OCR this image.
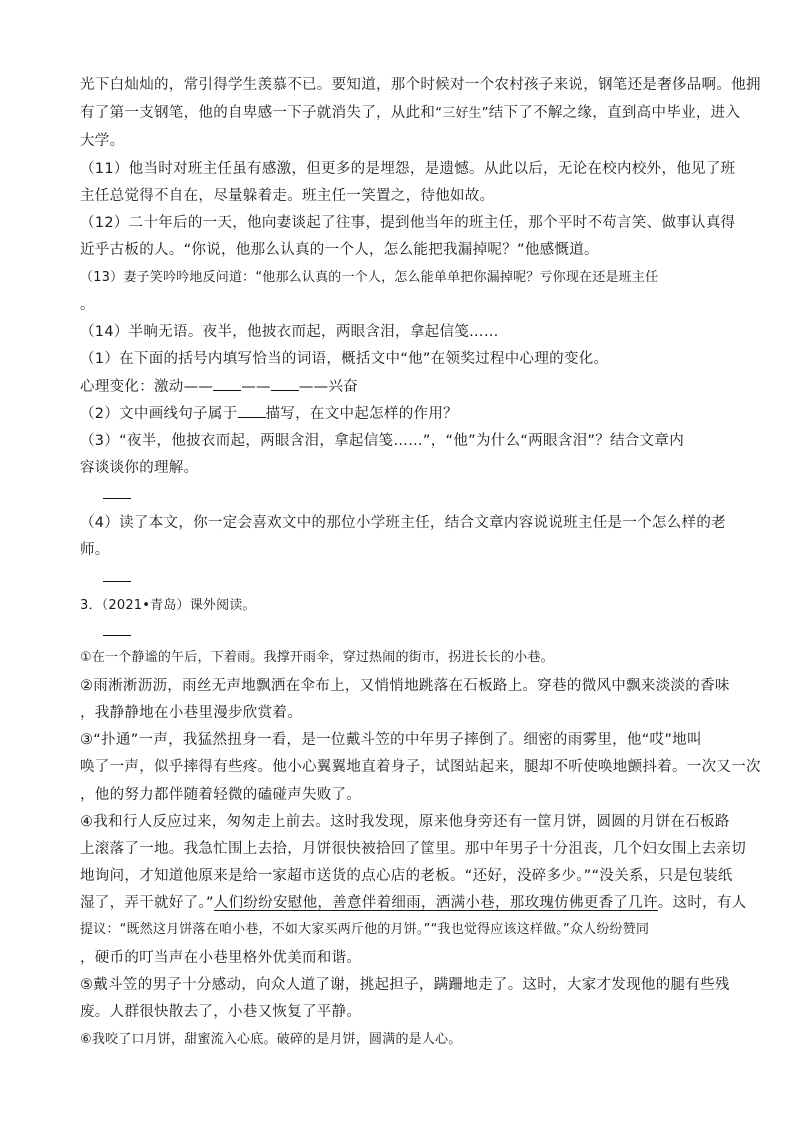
光下白灿灿的，常引得学生羡慕不已。要知道，那个时候对一个农村孩子来说，钢笔还是奢侈品啊。他拥
有了第一支钢笔，他的自卑感一下子就消失了，从此和“三好生”结下了不解之缘，直到高中毕业，进入
大学。
（11）他当时对班主任虽有感激，但更多的是埋怨，是遗憾。从此以后，无论在校内校外，他见了班
主任总觉得不自在，尽量躲着走。班主任一笑置之，待他如故。
（12）二十年后的一天，他向妻谈起了往事，提到他当年的班主任，那个平时不苟言笑、做事认真得
近乎古板的人。“你说，他那么认真的一个人，怎么能把我漏掉呢？”他感慨道。
（13）妻子笑吟吟地反问道：“他那么认真的一个人，怎么能单单把你漏掉呢？亏你现在还是班主任
。
（14）半晌无语。夜半，他披衣而起，两眼含泪，拿起信笺……
（1）在下面的括号内填写恰当的词语，概括文中“他”在领奖过程中心理的变化。
心理变化：激动—— —— ——兴奋
（2）文中画线句子属于 描写，在文中起怎样的作用？
（3）“夜半，他披衣而起，两眼含泪，拿起信笺……”，“他”为什么“两眼含泪”？结合文章内
容谈谈你的理解。
（4）读了本文，你一定会喜欢文中的那位小学班主任，结合文章内容说说班主任是一个怎么样的老
师。
3．（2021•青岛）课外阅读。
①在一个静谧的午后，下着雨。我撑开雨伞，穿过热闹的街市，拐进长长的小巷。
②雨淅淅沥沥，雨丝无声地飘洒在伞布上，又悄悄地跳落在石板路上。穿巷的微风中飘来淡淡的香味
，我静静地在小巷里漫步欣赏着。
③“扑通”一声，我猛然扭身一看，是一位戴斗笠的中年男子摔倒了。细密的雨雾里，他“哎”地叫
唤了一声，似乎摔得有些疼。他小心翼翼地直着身子，试图站起来，腿却不听使唤地颤抖着。一次又一次
，他的努力都伴随着轻微的磕碰声失败了。
④我和行人反应过来，匆匆走上前去。这时我发现，原来他身旁还有一筐月饼，圆圆的月饼在石板路
上滚落了一地。我急忙围上去拾，月饼很快被拾回了筐里。那中年男子十分沮丧，几个妇女围上去亲切
地询问，才知道他原来是给一家超市送货的点心店的老板。“还好，没碎多少。”“没关系，只是包装纸
湿了，弄干就好了。”人们纷纷安慰他，善意伴着细雨，洒满小巷，那玫瑰仿佛更香了几许。这时，有人
提议：“既然这月饼落在咱小巷，不如大家买两斤他的月饼。”“我也觉得应该这样做。”众人纷纷赞同
，硬币的叮当声在小巷里格外优美而和谐。
⑤戴斗笠的男子十分感动，向众人道了谢，挑起担子，蹒跚地走了。这时，大家才发现他的腿有些残
废。人群很快散去了，小巷又恢复了平静。
⑥我咬了口月饼，甜蜜流入心底。破碎的是月饼，圆满的是人心。
